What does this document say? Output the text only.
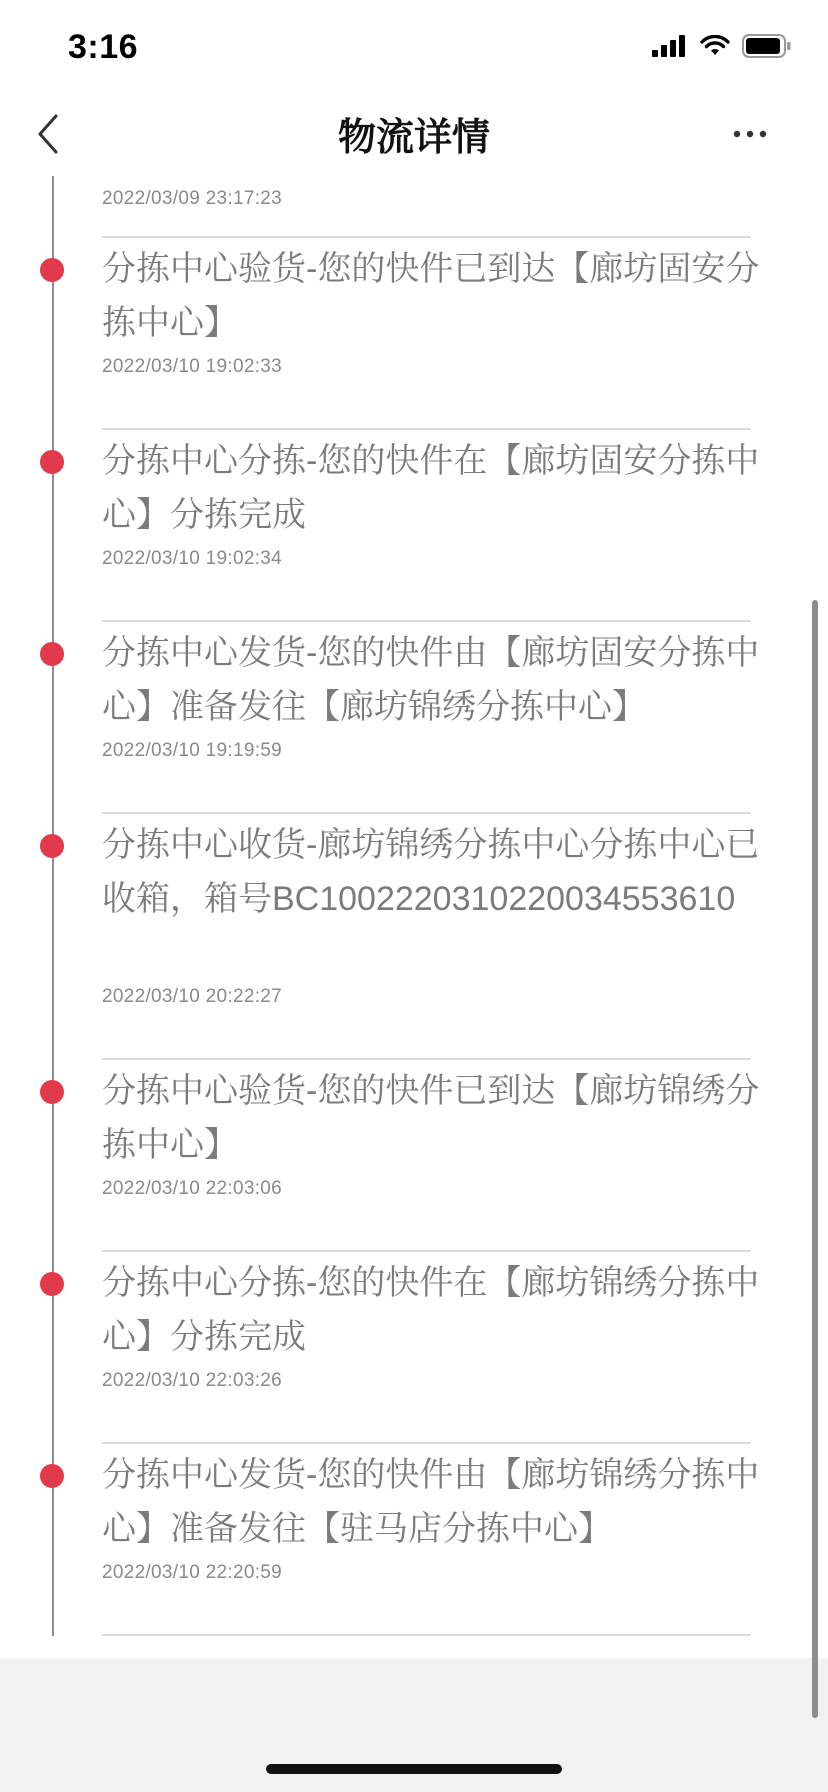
3:16
物流详情
2022/03/09 23:17:23
分拣中心验货-您的快件已到达【廊坊固安分拣中心】
2022/03/10 19:02:33
分拣中心分拣-您的快件在【廊坊固安分拣中心】分拣完成
2022/03/10 19:02:34
分拣中心发货-您的快件由【廊坊固安分拣中心】准备发往【廊坊锦绣分拣中心】
2022/03/10 19:19:59
分拣中心收货-廊坊锦绣分拣中心分拣中心已收箱，箱号BC1002220310220034553610
2022/03/10 20:22:27
分拣中心验货-您的快件已到达【廊坊锦绣分拣中心】
2022/03/10 22:03:06
分拣中心分拣-您的快件在【廊坊锦绣分拣中心】分拣完成
2022/03/10 22:03:26
分拣中心发货-您的快件由【廊坊锦绣分拣中心】准备发往【驻马店分拣中心】
2022/03/10 22:20:59
